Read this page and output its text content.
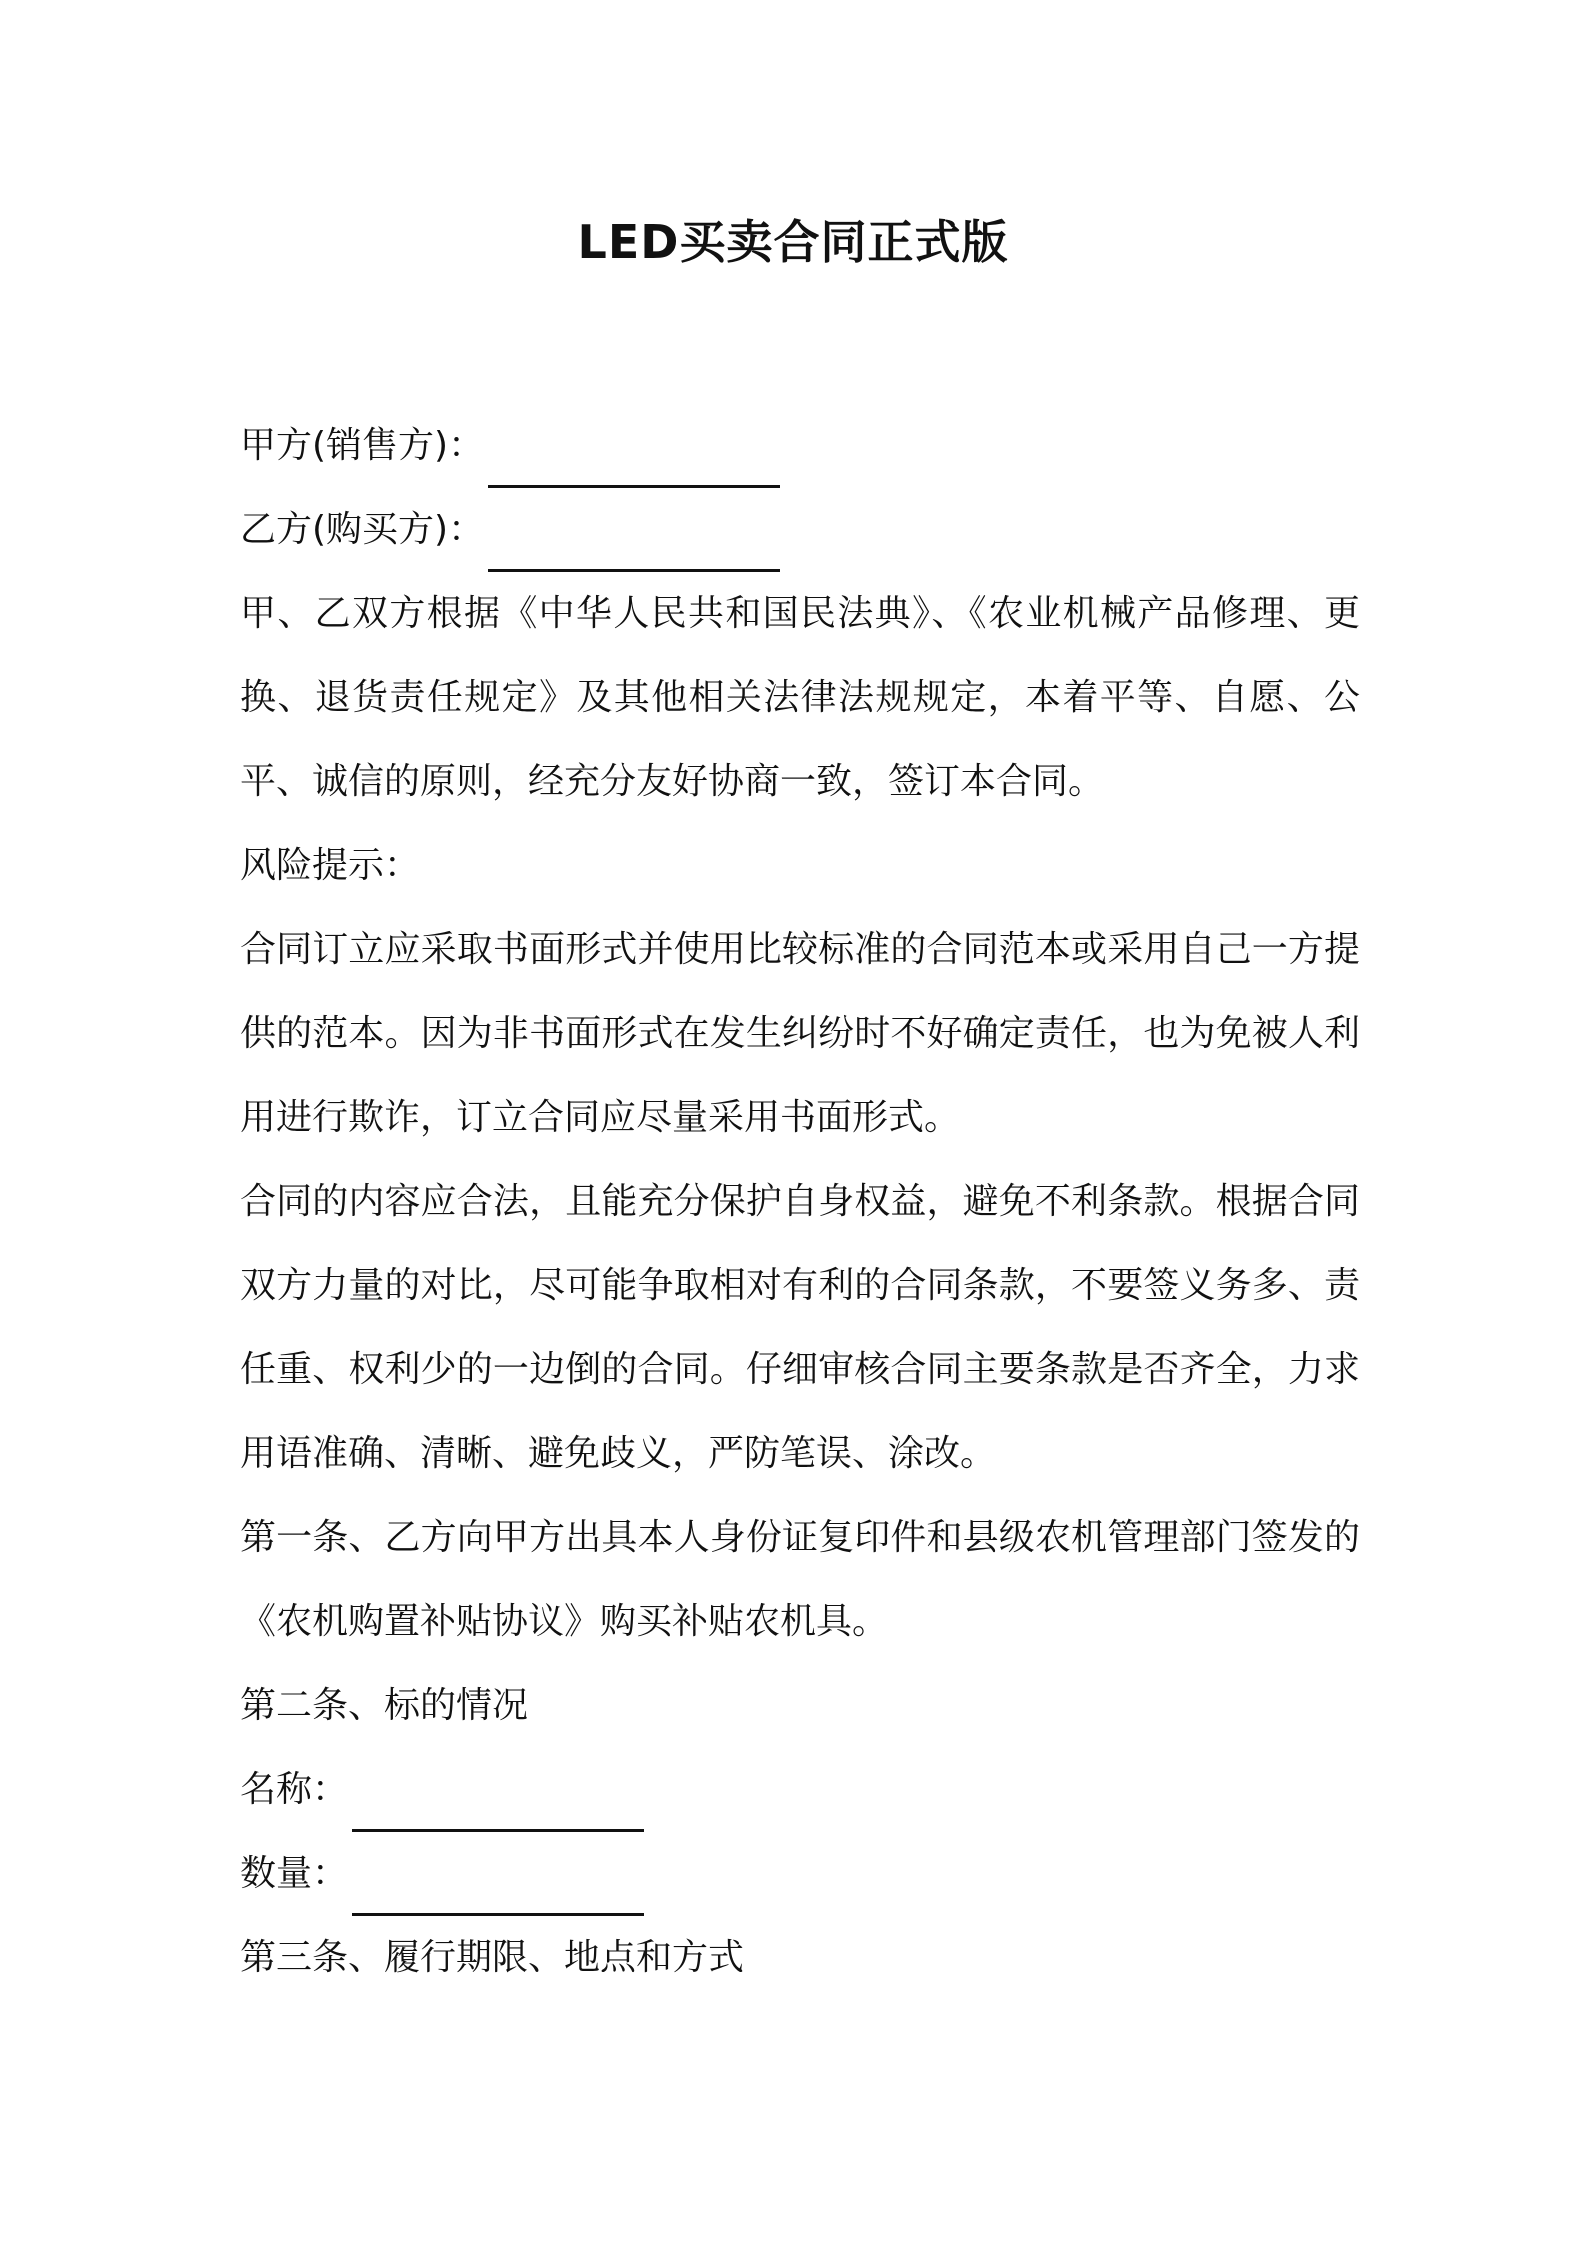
LED买卖合同正式版

甲方(销售方)：

乙方(购买方)：

甲、乙双方根据《中华人民共和国民法典》、《农业机械产品修理、更换、退货责任规定》及其他相关法律法规规定，本着平等、自愿、公平、诚信的原则，经充分友好协商一致，签订本合同。

风险提示：

合同订立应采取书面形式并使用比较标准的合同范本或采用自己一方提供的范本。因为非书面形式在发生纠纷时不好确定责任，也为免被人利用进行欺诈，订立合同应尽量采用书面形式。

合同的内容应合法，且能充分保护自身权益，避免不利条款。根据合同双方力量的对比，尽可能争取相对有利的合同条款，不要签义务多、责任重、权利少的一边倒的合同。仔细审核合同主要条款是否齐全，力求用语准确、清晰、避免歧义，严防笔误、涂改。

第一条、乙方向甲方出具本人身份证复印件和县级农机管理部门签发的《农机购置补贴协议》购买补贴农机具。

第二条、标的情况

名称：

数量：

第三条、履行期限、地点和方式
